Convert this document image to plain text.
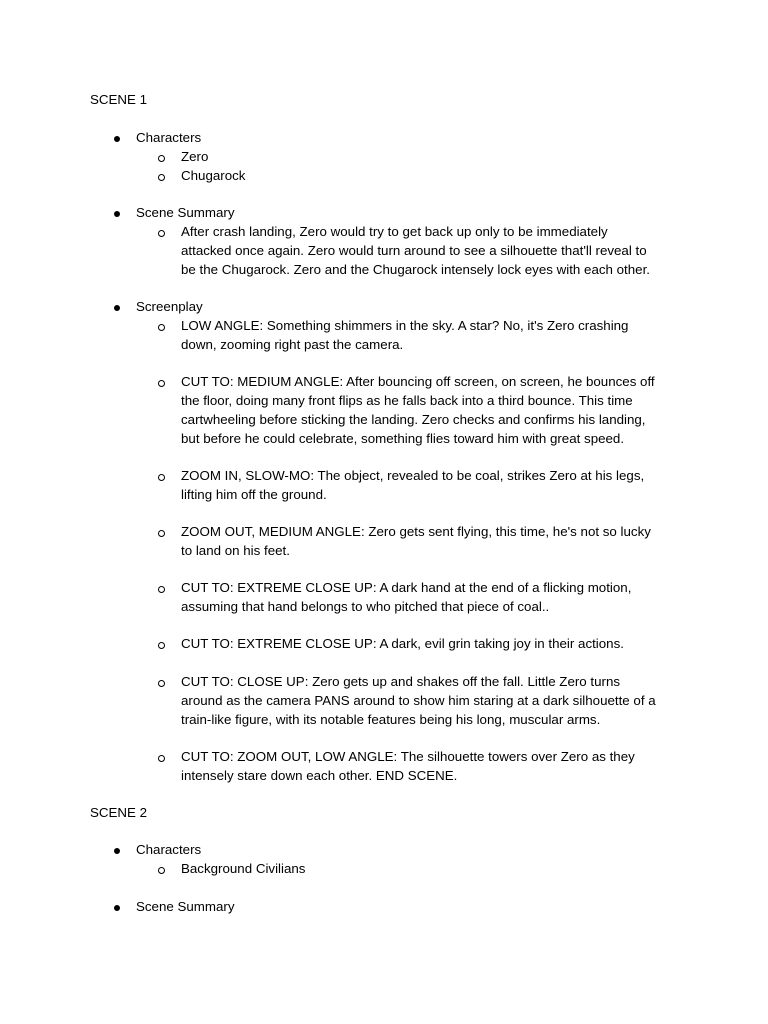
SCENE 1
Characters
Zero
Chugarock
Scene Summary
After crash landing, Zero would try to get back up only to be immediately
attacked once again. Zero would turn around to see a silhouette that'll reveal to
be the Chugarock. Zero and the Chugarock intensely lock eyes with each other.
Screenplay
LOW ANGLE: Something shimmers in the sky. A star? No, it's Zero crashing
down, zooming right past the camera.
CUT TO: MEDIUM ANGLE: After bouncing off screen, on screen, he bounces off
the floor, doing many front flips as he falls back into a third bounce. This time
cartwheeling before sticking the landing. Zero checks and confirms his landing,
but before he could celebrate, something flies toward him with great speed.
ZOOM IN, SLOW-MO: The object, revealed to be coal, strikes Zero at his legs,
lifting him off the ground.
ZOOM OUT, MEDIUM ANGLE: Zero gets sent flying, this time, he's not so lucky
to land on his feet.
CUT TO: EXTREME CLOSE UP: A dark hand at the end of a flicking motion,
assuming that hand belongs to who pitched that piece of coal..
CUT TO: EXTREME CLOSE UP: A dark, evil grin taking joy in their actions.
CUT TO: CLOSE UP: Zero gets up and shakes off the fall. Little Zero turns
around as the camera PANS around to show him staring at a dark silhouette of a
train-like figure, with its notable features being his long, muscular arms.
CUT TO: ZOOM OUT, LOW ANGLE: The silhouette towers over Zero as they
intensely stare down each other. END SCENE.
SCENE 2
Characters
Background Civilians
Scene Summary
